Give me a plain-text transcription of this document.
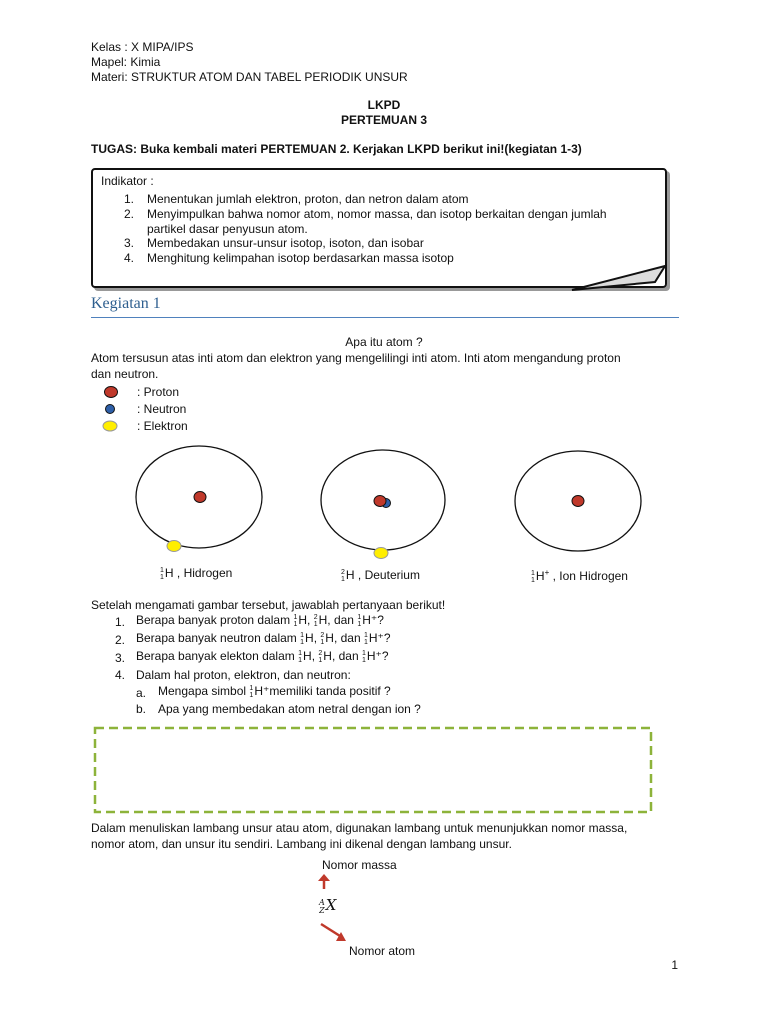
Kelas : X MIPA/IPS
Mapel: Kimia
Materi: STRUKTUR ATOM DAN TABEL PERIODIK UNSUR
LKPD
PERTEMUAN 3
TUGAS: Buka kembali materi PERTEMUAN 2. Kerjakan LKPD berikut ini!(kegiatan 1-3)
Indikator :
1.	Menentukan jumlah elektron, proton, dan netron dalam atom
2.	Menyimpulkan bahwa nomor atom, nomor massa, dan isotop berkaitan dengan jumlah
partikel dasar penyusun atom.
3.	Membedakan unsur-unsur isotop, isoton, dan isobar
4.	Menghitung kelimpahan isotop berdasarkan massa isotop
Kegiatan 1
Apa itu atom ?
Atom tersusun atas inti atom dan elektron yang mengelilingi inti atom. Inti atom mengandung proton
dan neutron.
: Proton
: Neutron
: Elektron
1
1 H , Hidrogen	2
1 H , Deuterium	1
1 H+ , Ion Hidrogen
Setelah mengamati gambar tersebut, jawablah pertanyaan berikut!
1. Berapa banyak proton dalam 1
1 H, 2
1 H, dan 1
1 H⁺?
2. Berapa banyak neutron dalam 1
1 H, 2
1 H, dan 1
1 H⁺?
3. Berapa banyak elekton dalam 1
1 H, 2
1 H, dan 1
1 H⁺?
4. Dalam hal proton, elektron, dan neutron:
a. Mengapa simbol 1
1 H⁺memiliki tanda positif ?
b. Apa yang membedakan atom netral dengan ion ?
Dalam menuliskan lambang unsur atau atom, digunakan lambang untuk menunjukkan nomor massa,
nomor atom, dan unsur itu sendiri. Lambang ini dikenal dengan lambang unsur.
Nomor massa
A
Z X
Nomor atom
1
